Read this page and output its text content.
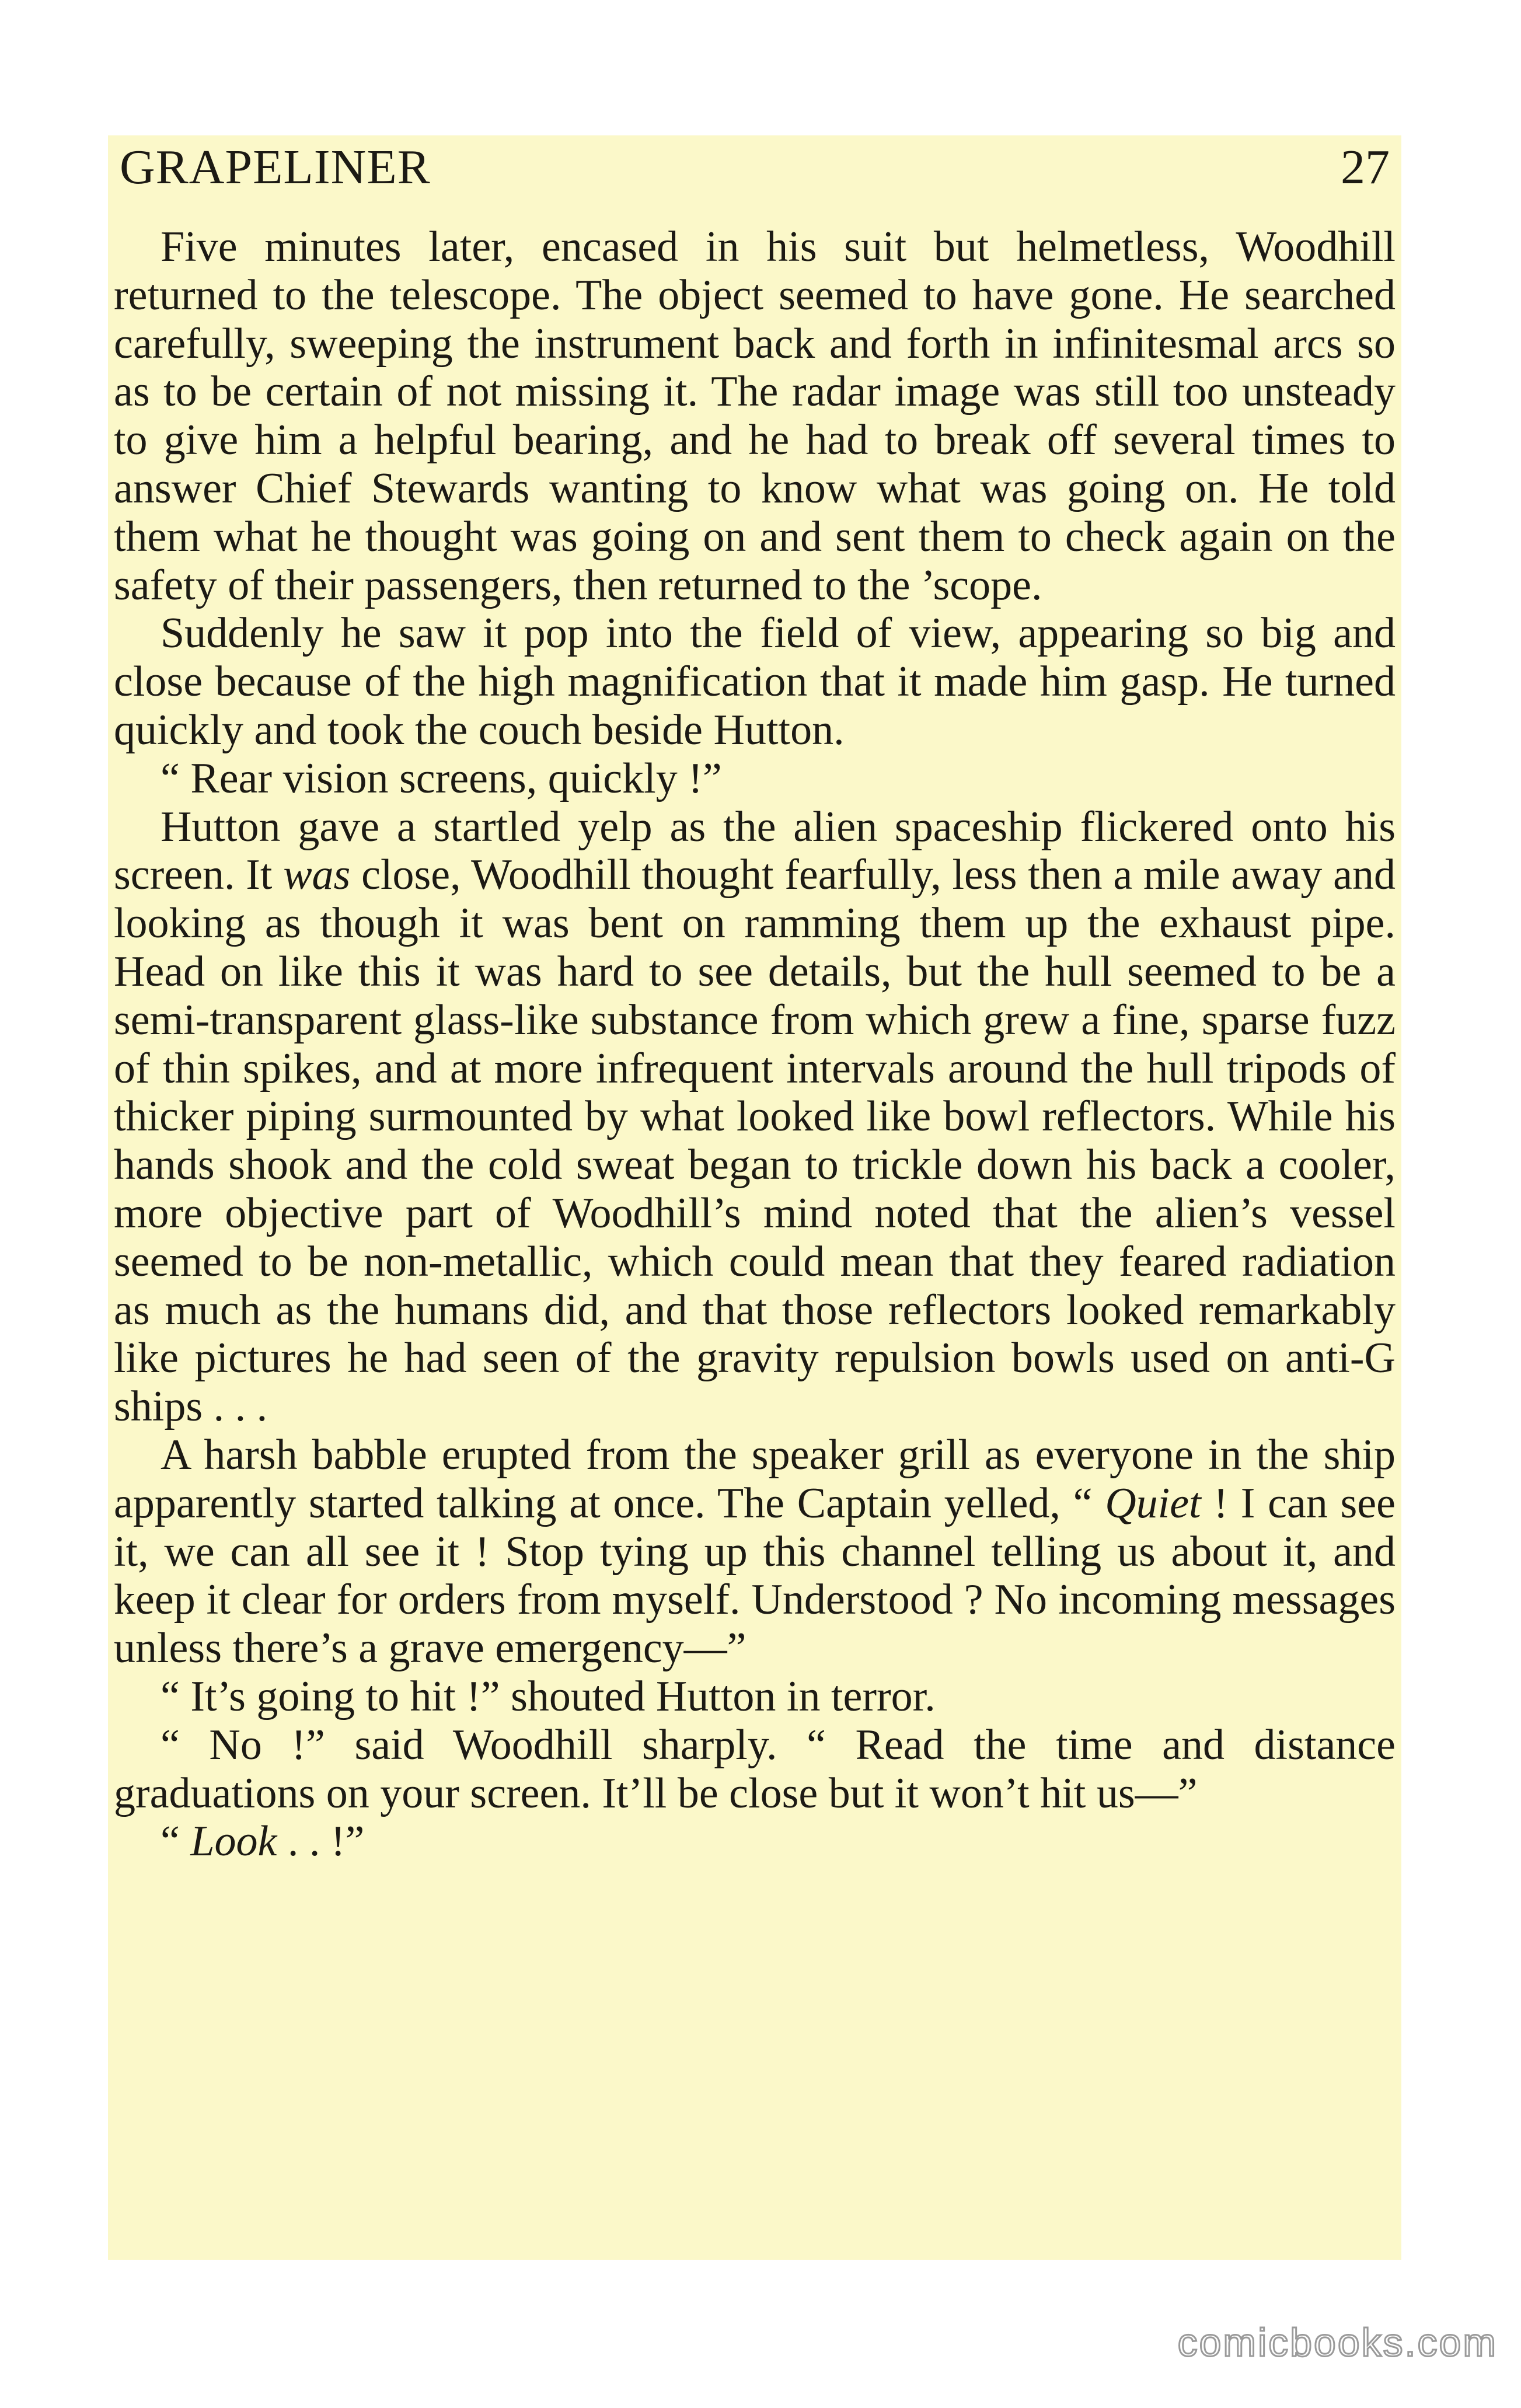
GRAPELINER	27

Five minutes later, encased in his suit but helmetless, Woodhill returned to the telescope. The object seemed to have gone. He searched carefully, sweeping the instrument back and forth in infinitesmal arcs so as to be certain of not missing it. The radar image was still too unsteady to give him a helpful bearing, and he had to break off several times to answer Chief Stewards wanting to know what was going on. He told them what he thought was going on and sent them to check again on the safety of their passengers, then returned to the ’scope.

Suddenly he saw it pop into the field of view, appearing so big and close because of the high magnification that it made him gasp. He turned quickly and took the couch beside Hutton.

“ Rear vision screens, quickly !”

Hutton gave a startled yelp as the alien spaceship flickered onto his screen. It was close, Woodhill thought fearfully, less then a mile away and looking as though it was bent on ramming them up the exhaust pipe. Head on like this it was hard to see details, but the hull seemed to be a semi-transparent glass-like substance from which grew a fine, sparse fuzz of thin spikes, and at more infrequent intervals around the hull tripods of thicker piping surmounted by what looked like bowl reflectors. While his hands shook and the cold sweat began to trickle down his back a cooler, more objective part of Woodhill’s mind noted that the alien’s vessel seemed to be non-metallic, which could mean that they feared radiation as much as the humans did, and that those reflectors looked remarkably like pictures he had seen of the gravity repulsion bowls used on anti-G ships . . .

A harsh babble erupted from the speaker grill as everyone in the ship apparently started talking at once. The Captain yelled, “ Quiet ! I can see it, we can all see it ! Stop tying up this channel telling us about it, and keep it clear for orders from myself. Understood ? No incoming messages unless there’s a grave emergency—”

“ It’s going to hit !” shouted Hutton in terror.

“ No !” said Woodhill sharply. “ Read the time and distance graduations on your screen. It’ll be close but it won’t hit us—”

“ Look . . !”

comicbooks.com
